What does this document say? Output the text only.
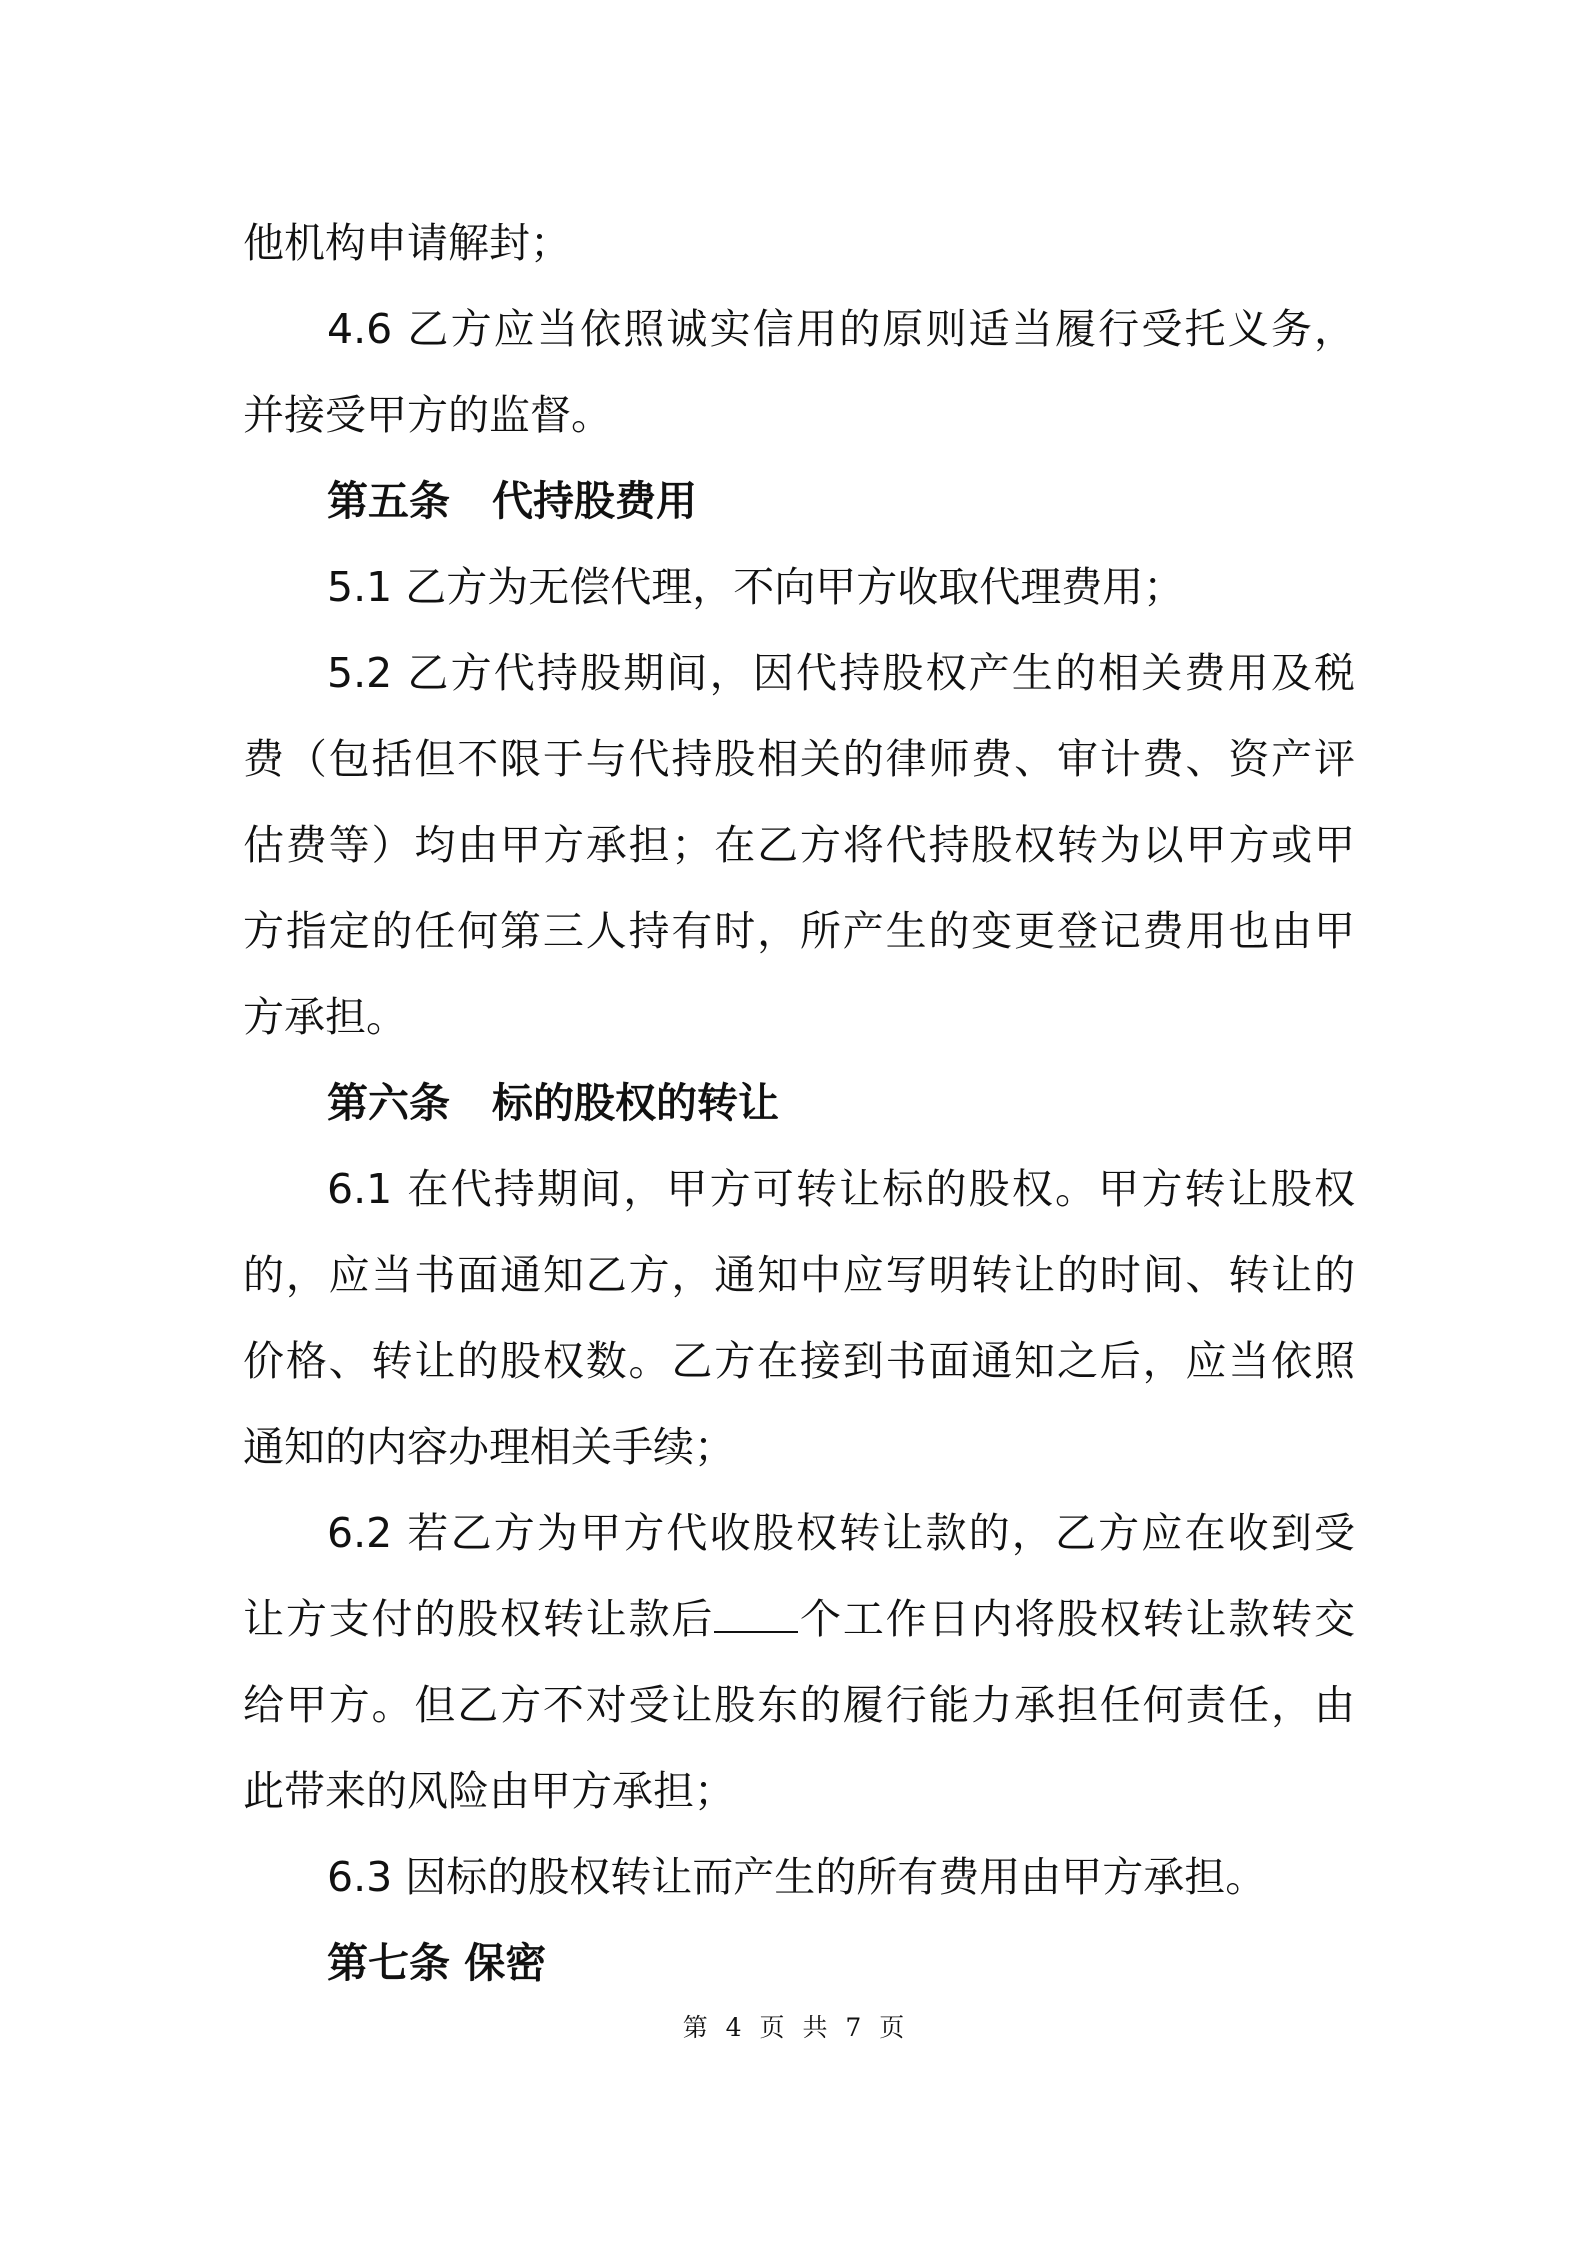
他机构申请解封；
4.6 乙方应当依照诚实信用的原则适当履行受托义务，
并接受甲方的监督。
第五条 代持股费用
5.1 乙方为无偿代理，不向甲方收取代理费用；
5.2 乙方代持股期间，因代持股权产生的相关费用及税
费（包括但不限于与代持股相关的律师费、审计费、资产评
估费等）均由甲方承担；在乙方将代持股权转为以甲方或甲
方指定的任何第三人持有时，所产生的变更登记费用也由甲
方承担。
第六条 标的股权的转让
6.1 在代持期间，甲方可转让标的股权。甲方转让股权
的，应当书面通知乙方，通知中应写明转让的时间、转让的
价格、转让的股权数。乙方在接到书面通知之后，应当依照
通知的内容办理相关手续；
6.2 若乙方为甲方代收股权转让款的，乙方应在收到受
让方支付的股权转让款后 个工作日内将股权转让款转交
给甲方。但乙方不对受让股东的履行能力承担任何责任，由
此带来的风险由甲方承担；
6.3 因标的股权转让而产生的所有费用由甲方承担。
第七条 保密
第 4 页 共 7 页
